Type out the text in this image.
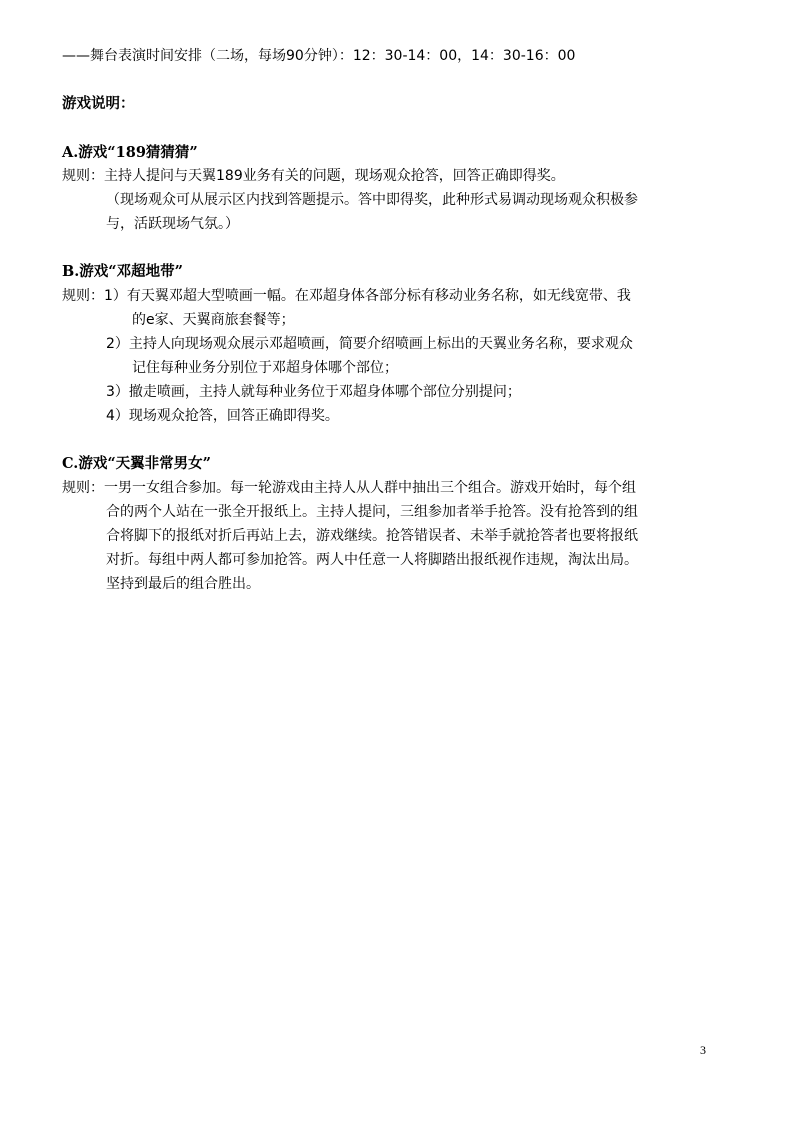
——舞台表演时间安排（二场，每场90分钟）：12：30-14：00，14：30-16：00
游戏说明：
A.游戏“189猜猜猜”
规则：主持人提问与天翼189业务有关的问题，现场观众抢答，回答正确即得奖。
（现场观众可从展示区内找到答题提示。答中即得奖，此种形式易调动现场观众积极参
与，活跃现场气氛。）
B.游戏“邓超地带”
规则：1）有天翼邓超大型喷画一幅。在邓超身体各部分标有移动业务名称，如无线宽带、我
的e家、天翼商旅套餐等；
2）主持人向现场观众展示邓超喷画，简要介绍喷画上标出的天翼业务名称，要求观众
记住每种业务分别位于邓超身体哪个部位；
3）撤走喷画，主持人就每种业务位于邓超身体哪个部位分别提问；
4）现场观众抢答，回答正确即得奖。
C.游戏“天翼非常男女”
规则：一男一女组合参加。每一轮游戏由主持人从人群中抽出三个组合。游戏开始时，每个组
合的两个人站在一张全开报纸上。主持人提问，三组参加者举手抢答。没有抢答到的组
合将脚下的报纸对折后再站上去，游戏继续。抢答错误者、未举手就抢答者也要将报纸
对折。每组中两人都可参加抢答。两人中任意一人将脚踏出报纸视作违规，淘汰出局。
坚持到最后的组合胜出。
3
